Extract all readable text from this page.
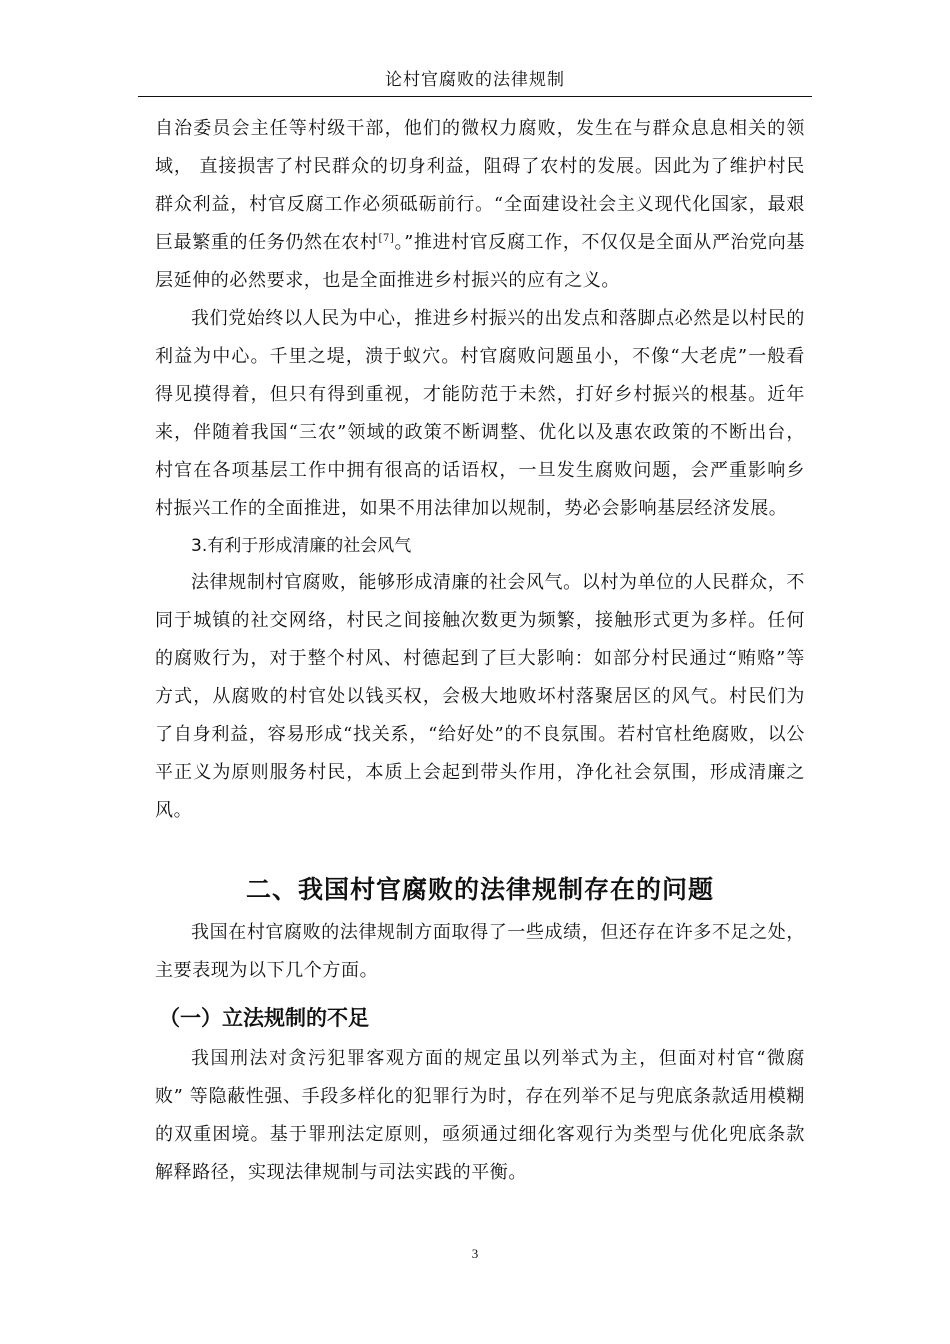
论村官腐败的法律规制

自治委员会主任等村级干部，他们的微权力腐败，发生在与群众息息相关的领域， 直接损害了村民群众的切身利益，阻碍了农村的发展。因此为了维护村民群众利益，村官反腐工作必须砥砺前行。“全面建设社会主义现代化国家，最艰巨最繁重的任务仍然在农村[7]。”推进村官反腐工作，不仅仅是全面从严治党向基层延伸的必然要求，也是全面推进乡村振兴的应有之义。

我们党始终以人民为中心，推进乡村振兴的出发点和落脚点必然是以村民的利益为中心。千里之堤，溃于蚁穴。村官腐败问题虽小，不像“大老虎”一般看得见摸得着，但只有得到重视，才能防范于未然，打好乡村振兴的根基。近年来，伴随着我国“三农”领域的政策不断调整、优化以及惠农政策的不断出台，村官在各项基层工作中拥有很高的话语权，一旦发生腐败问题，会严重影响乡村振兴工作的全面推进，如果不用法律加以规制，势必会影响基层经济发展。

3.有利于形成清廉的社会风气

法律规制村官腐败，能够形成清廉的社会风气。以村为单位的人民群众，不同于城镇的社交网络，村民之间接触次数更为频繁，接触形式更为多样。任何的腐败行为，对于整个村风、村德起到了巨大影响：如部分村民通过“贿赂”等方式，从腐败的村官处以钱买权，会极大地败坏村落聚居区的风气。村民们为了自身利益，容易形成“找关系，“给好处”的不良氛围。若村官杜绝腐败，以公平正义为原则服务村民，本质上会起到带头作用，净化社会氛围，形成清廉之风。

二、我国村官腐败的法律规制存在的问题

我国在村官腐败的法律规制方面取得了一些成绩，但还存在许多不足之处，主要表现为以下几个方面。

（一）立法规制的不足

我国刑法对贪污犯罪客观方面的规定虽以列举式为主，但面对村官“微腐败” 等隐蔽性强、手段多样化的犯罪行为时，存在列举不足与兜底条款适用模糊的双重困境。基于罪刑法定原则，亟须通过细化客观行为类型与优化兜底条款解释路径，实现法律规制与司法实践的平衡。

3
